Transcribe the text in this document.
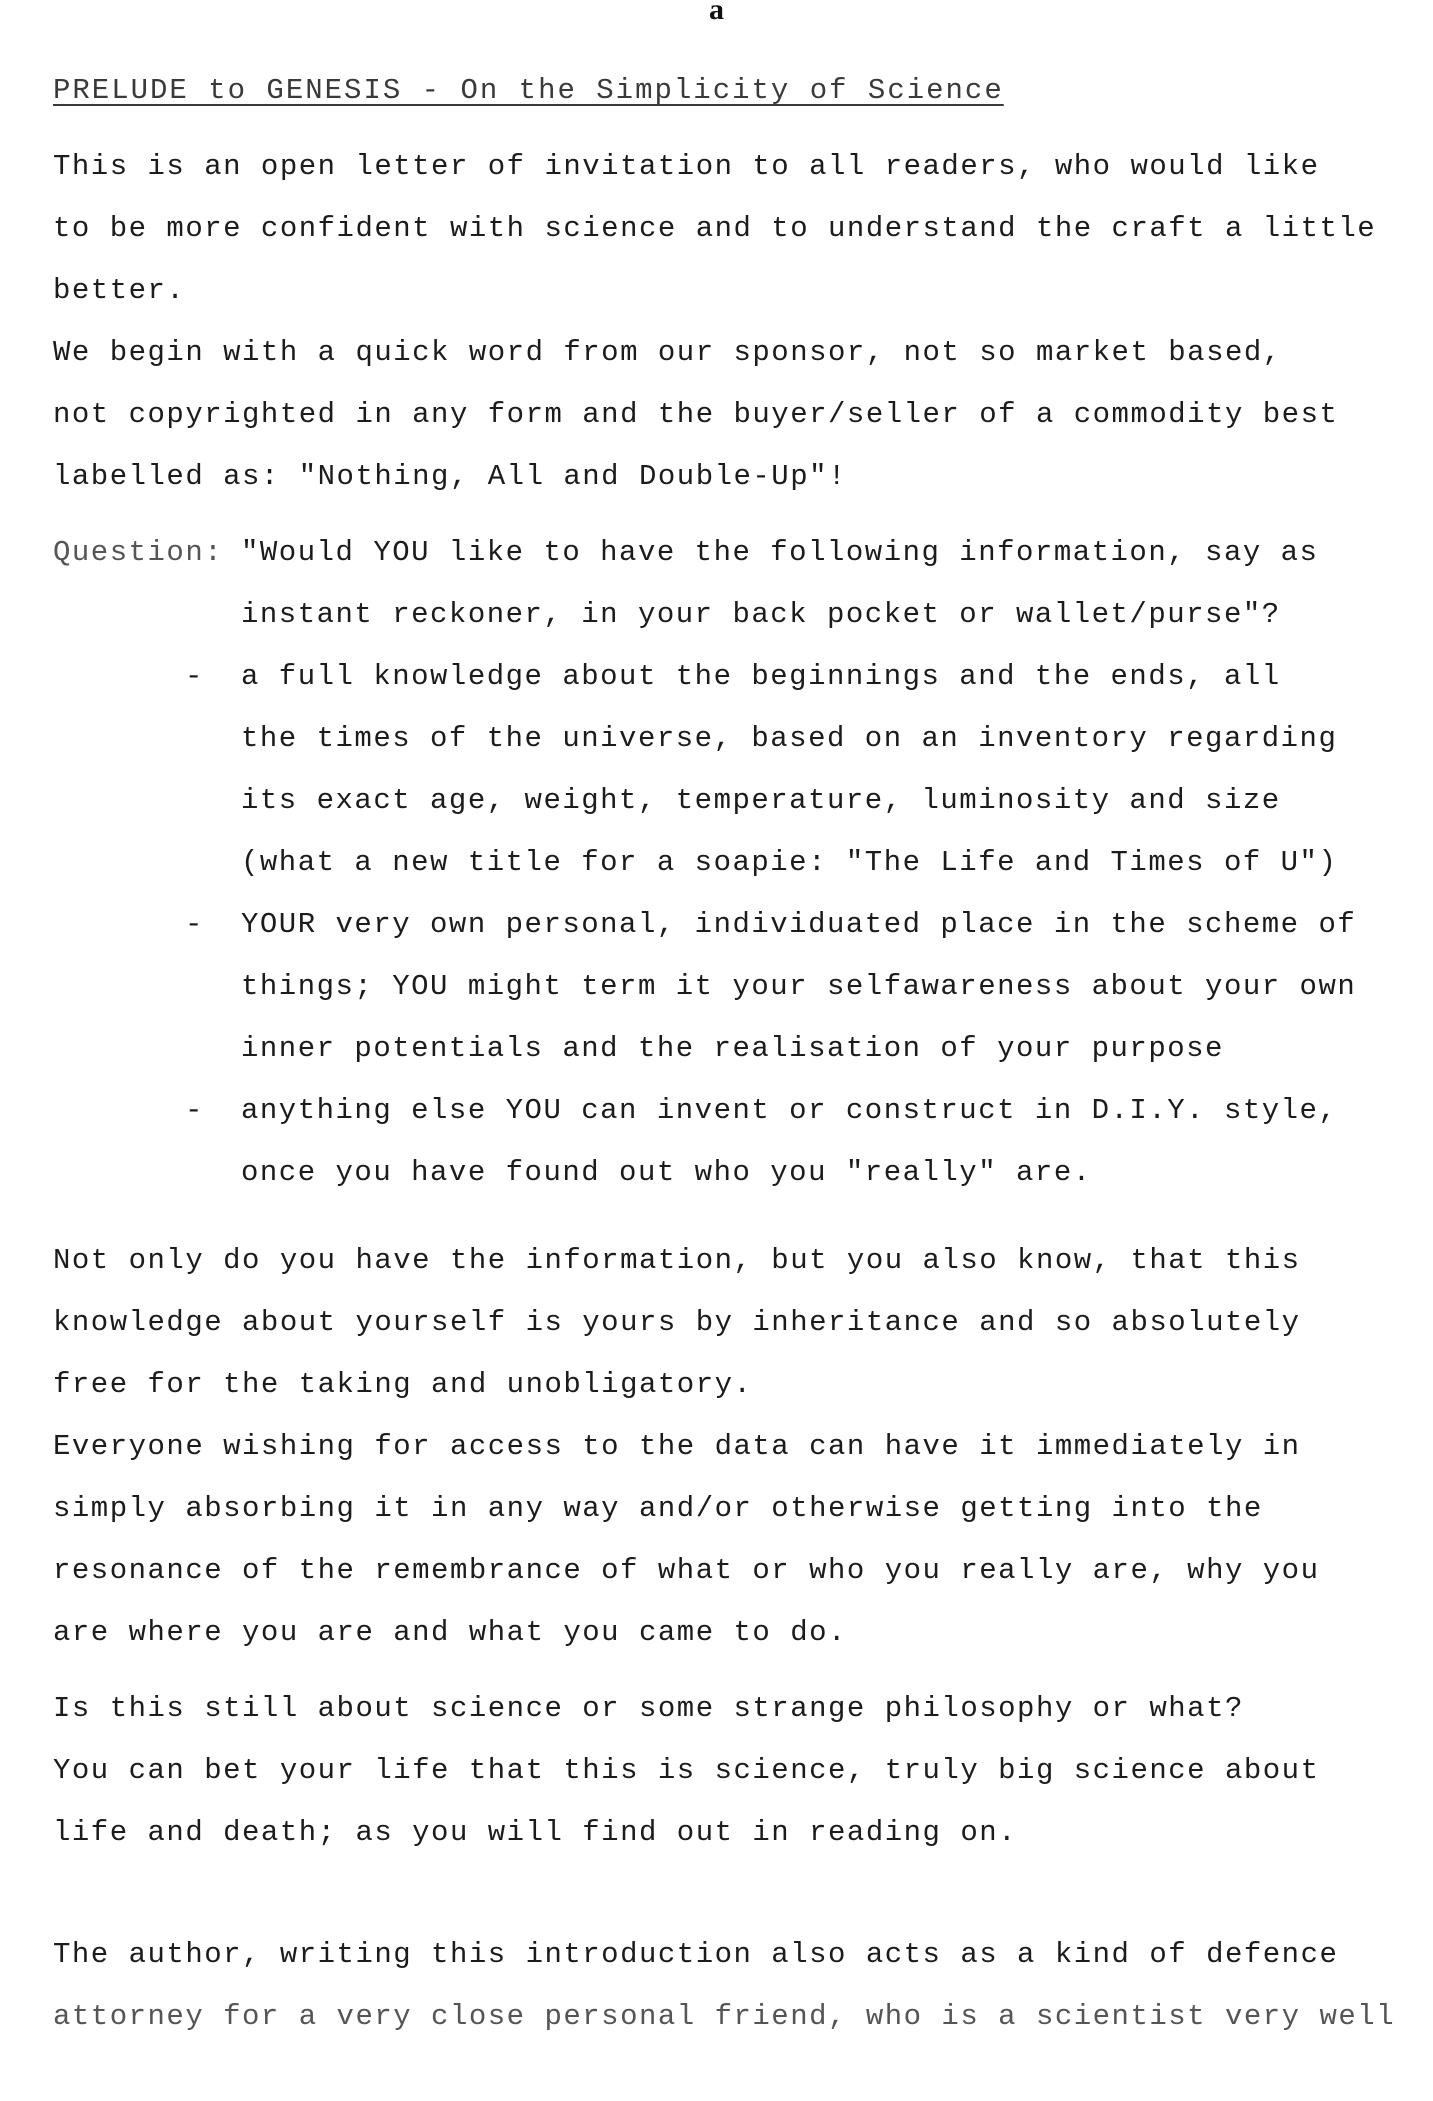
a
PRELUDE to GENESIS - On the Simplicity of Science
This is an open letter of invitation to all readers, who would like
to be more confident with science and to understand the craft a little
better.
We begin with a quick word from our sponsor, not so market based,
not copyrighted in any form and the buyer/seller of a commodity best
labelled as: "Nothing, All and Double-Up"!
Question: "Would YOU like to have the following information, say as
instant reckoner, in your back pocket or wallet/purse"?
-	a full knowledge about the beginnings and the ends, all
the times of the universe, based on an inventory regarding
its exact age, weight, temperature, luminosity and size
(what a new title for a soapie: "The Life and Times of U")
-	YOUR very own personal, individuated place in the scheme of
things; YOU might term it your selfawareness about your own
inner potentials and the realisation of your purpose
-	anything else YOU can invent or construct in D.I.Y. style,
once you have found out who you "really" are.
Not only do you have the information, but you also know, that this
knowledge about yourself is yours by inheritance and so absolutely
free for the taking and unobligatory.
Everyone wishing for access to the data can have it immediately in
simply absorbing it in any way and/or otherwise getting into the
resonance of the remembrance of what or who you really are, why you
are where you are and what you came to do.
Is this still about science or some strange philosophy or what?
You can bet your life that this is science, truly big science about
life and death; as you will find out in reading on.
The author, writing this introduction also acts as a kind of defence
attorney for a very close personal friend, who is a scientist very well
